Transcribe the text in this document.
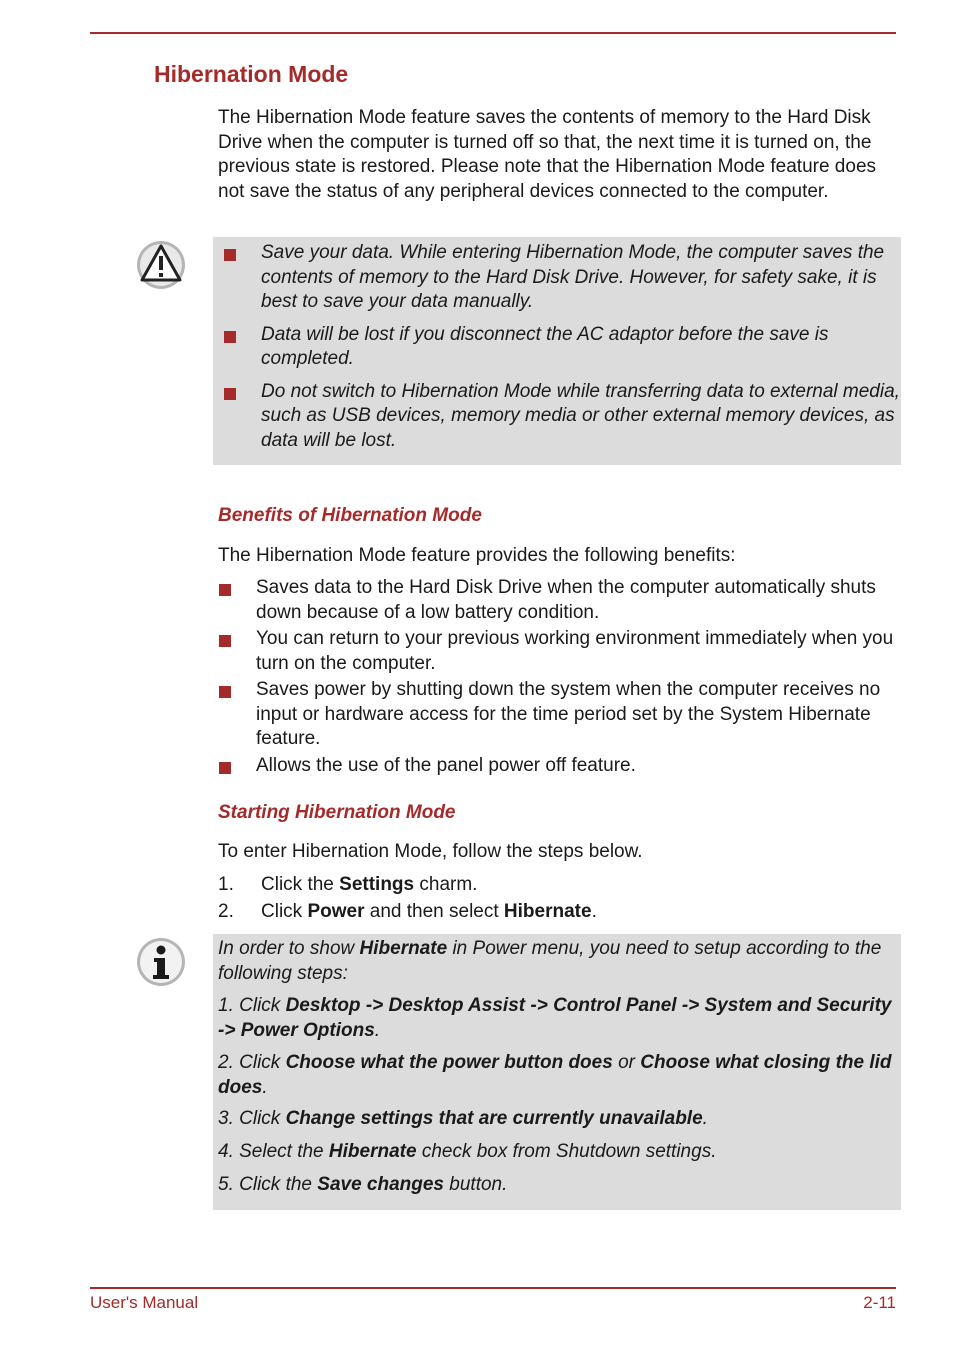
Hibernation Mode

The Hibernation Mode feature saves the contents of memory to the Hard Disk Drive when the computer is turned off so that, the next time it is turned on, the previous state is restored. Please note that the Hibernation Mode feature does not save the status of any peripheral devices connected to the computer.

Save your data. While entering Hibernation Mode, the computer saves the contents of memory to the Hard Disk Drive. However, for safety sake, it is best to save your data manually.
Data will be lost if you disconnect the AC adaptor before the save is completed.
Do not switch to Hibernation Mode while transferring data to external media, such as USB devices, memory media or other external memory devices, as data will be lost.
Benefits of Hibernation Mode

The Hibernation Mode feature provides the following benefits:

Saves data to the Hard Disk Drive when the computer automatically shuts down because of a low battery condition.
You can return to your previous working environment immediately when you turn on the computer.
Saves power by shutting down the system when the computer receives no input or hardware access for the time period set by the System Hibernate feature.
Allows the use of the panel power off feature.
Starting Hibernation Mode

To enter Hibernation Mode, follow the steps below.

1. Click the Settings charm.
2. Click Power and then select Hibernate.

In order to show Hibernate in Power menu, you need to setup according to the following steps:

1. Click Desktop -> Desktop Assist -> Control Panel -> System and Security -> Power Options.

2. Click Choose what the power button does or Choose what closing the lid does.

3. Click Change settings that are currently unavailable.

4. Select the Hibernate check box from Shutdown settings.

5. Click the Save changes button.

User's Manual	2-11
